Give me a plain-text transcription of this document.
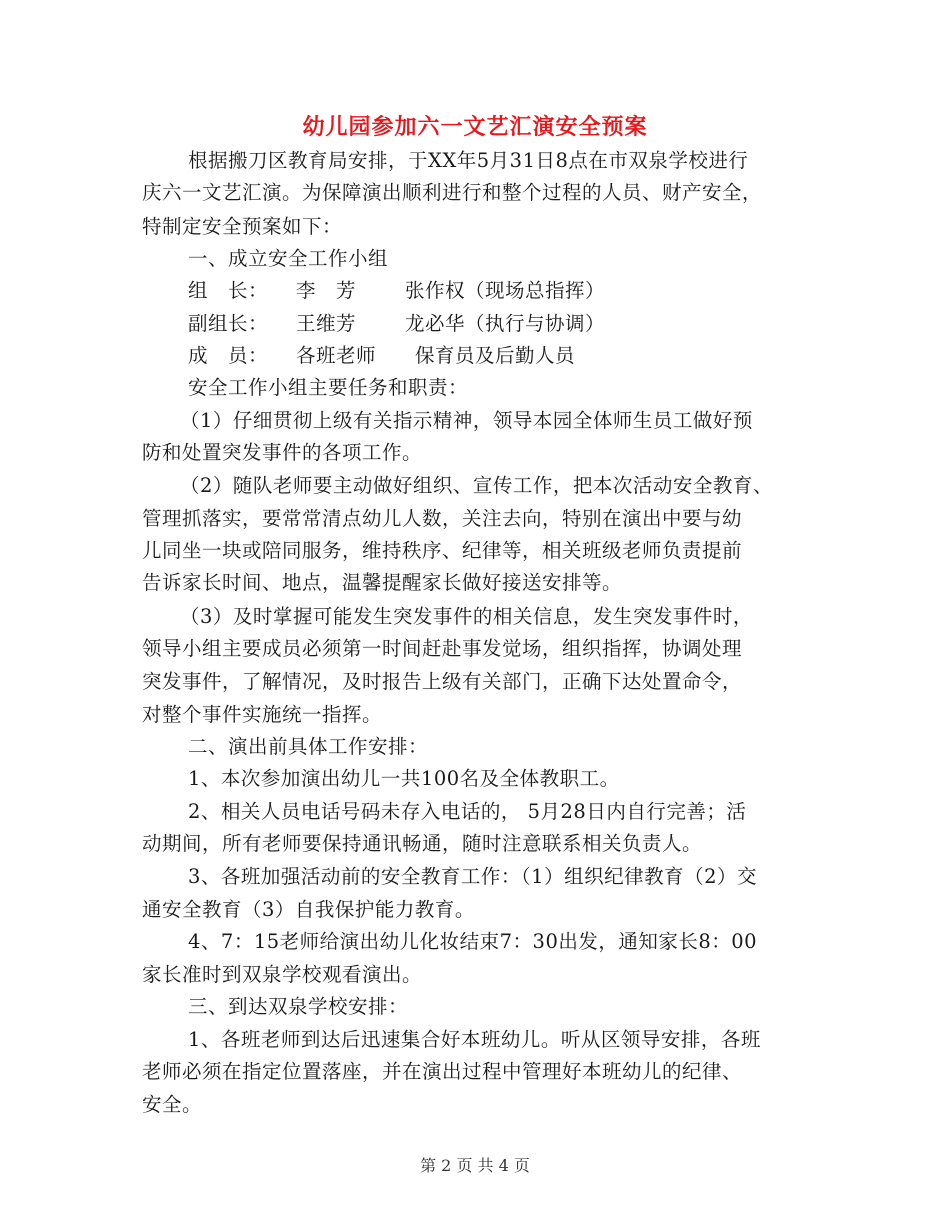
幼儿园参加六一文艺汇演安全预案
根据搬刀区教育局安排，于XX年5月31日8点在市双泉学校进行
庆六一文艺汇演。为保障演出顺利进行和整个过程的人员、财产安全，
特制定安全预案如下：
一、成立安全工作小组
组　长： 李　芳	张作权（现场总指挥）
副组长： 王维芳	龙必华（执行与协调）
成　员： 各班老师 保育员及后勤人员
安全工作小组主要任务和职责：
（1）仔细贯彻上级有关指示精神，领导本园全体师生员工做好预
防和处置突发事件的各项工作。
（2）随队老师要主动做好组织、宣传工作，把本次活动安全教育、
管理抓落实，要常常清点幼儿人数，关注去向，特别在演出中要与幼
儿同坐一块或陪同服务，维持秩序、纪律等，相关班级老师负责提前
告诉家长时间、地点，温馨提醒家长做好接送安排等。
（3）及时掌握可能发生突发事件的相关信息，发生突发事件时，
领导小组主要成员必须第一时间赶赴事发觉场，组织指挥，协调处理
突发事件，了解情况，及时报告上级有关部门，正确下达处置命令，
对整个事件实施统一指挥。
二、演出前具体工作安排：
1、本次参加演出幼儿一共100名及全体教职工。
2、相关人员电话号码未存入电话的， 5月28日内自行完善；活
动期间，所有老师要保持通讯畅通，随时注意联系相关负责人。
3、各班加强活动前的安全教育工作：（1）组织纪律教育（2）交
通安全教育（3）自我保护能力教育。
4、7：15老师给演出幼儿化妆结束7：30出发，通知家长8：00
家长准时到双泉学校观看演出。
三、到达双泉学校安排：
1、各班老师到达后迅速集合好本班幼儿。听从区领导安排，各班
老师必须在指定位置落座，并在演出过程中管理好本班幼儿的纪律、
安全。
第 2 页 共 4 页
